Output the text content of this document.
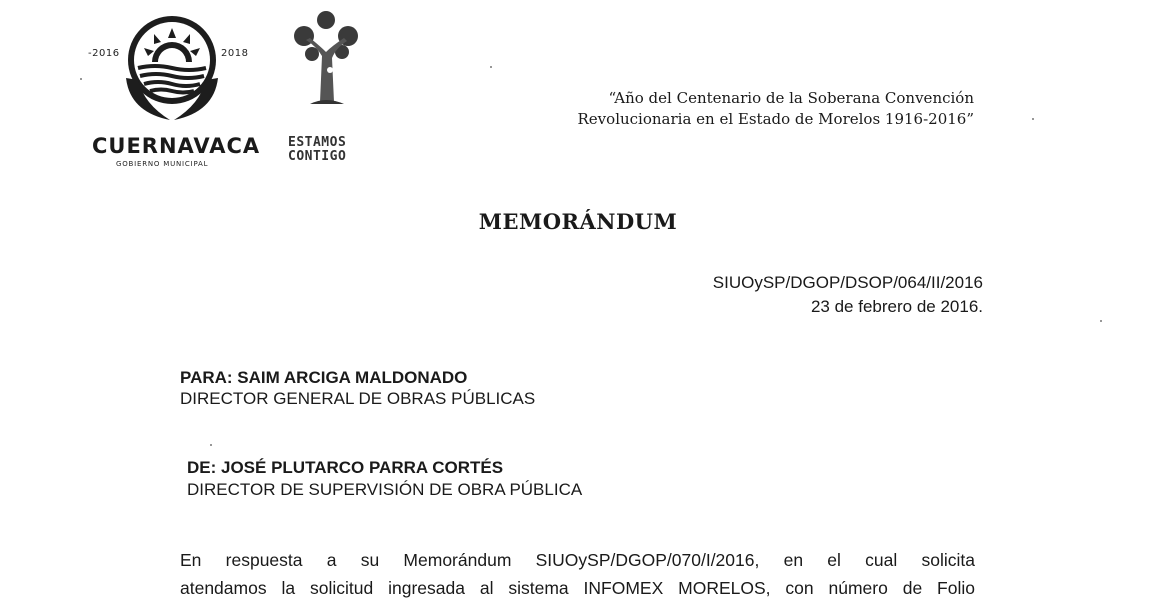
-2016	2018
CUERNAVACA
GOBIERNO MUNICIPAL
ESTAMOS
CONTIGO
“Año del Centenario de la Soberana Convención
Revolucionaria en el Estado de Morelos 1916-2016”
MEMORÁNDUM
SIUOySP/DGOP/DSOP/064/II/2016
23 de febrero de 2016.
PARA: SAIM ARCIGA MALDONADO
DIRECTOR GENERAL DE OBRAS PÚBLICAS
DE: JOSÉ PLUTARCO PARRA CORTÉS
DIRECTOR DE SUPERVISIÓN DE OBRA PÚBLICA
En respuesta a su Memorándum SIUOySP/DGOP/070/I/2016, en el cual solicita
atendamos la solicitud ingresada al sistema INFOMEX MORELOS, con número de Folio
